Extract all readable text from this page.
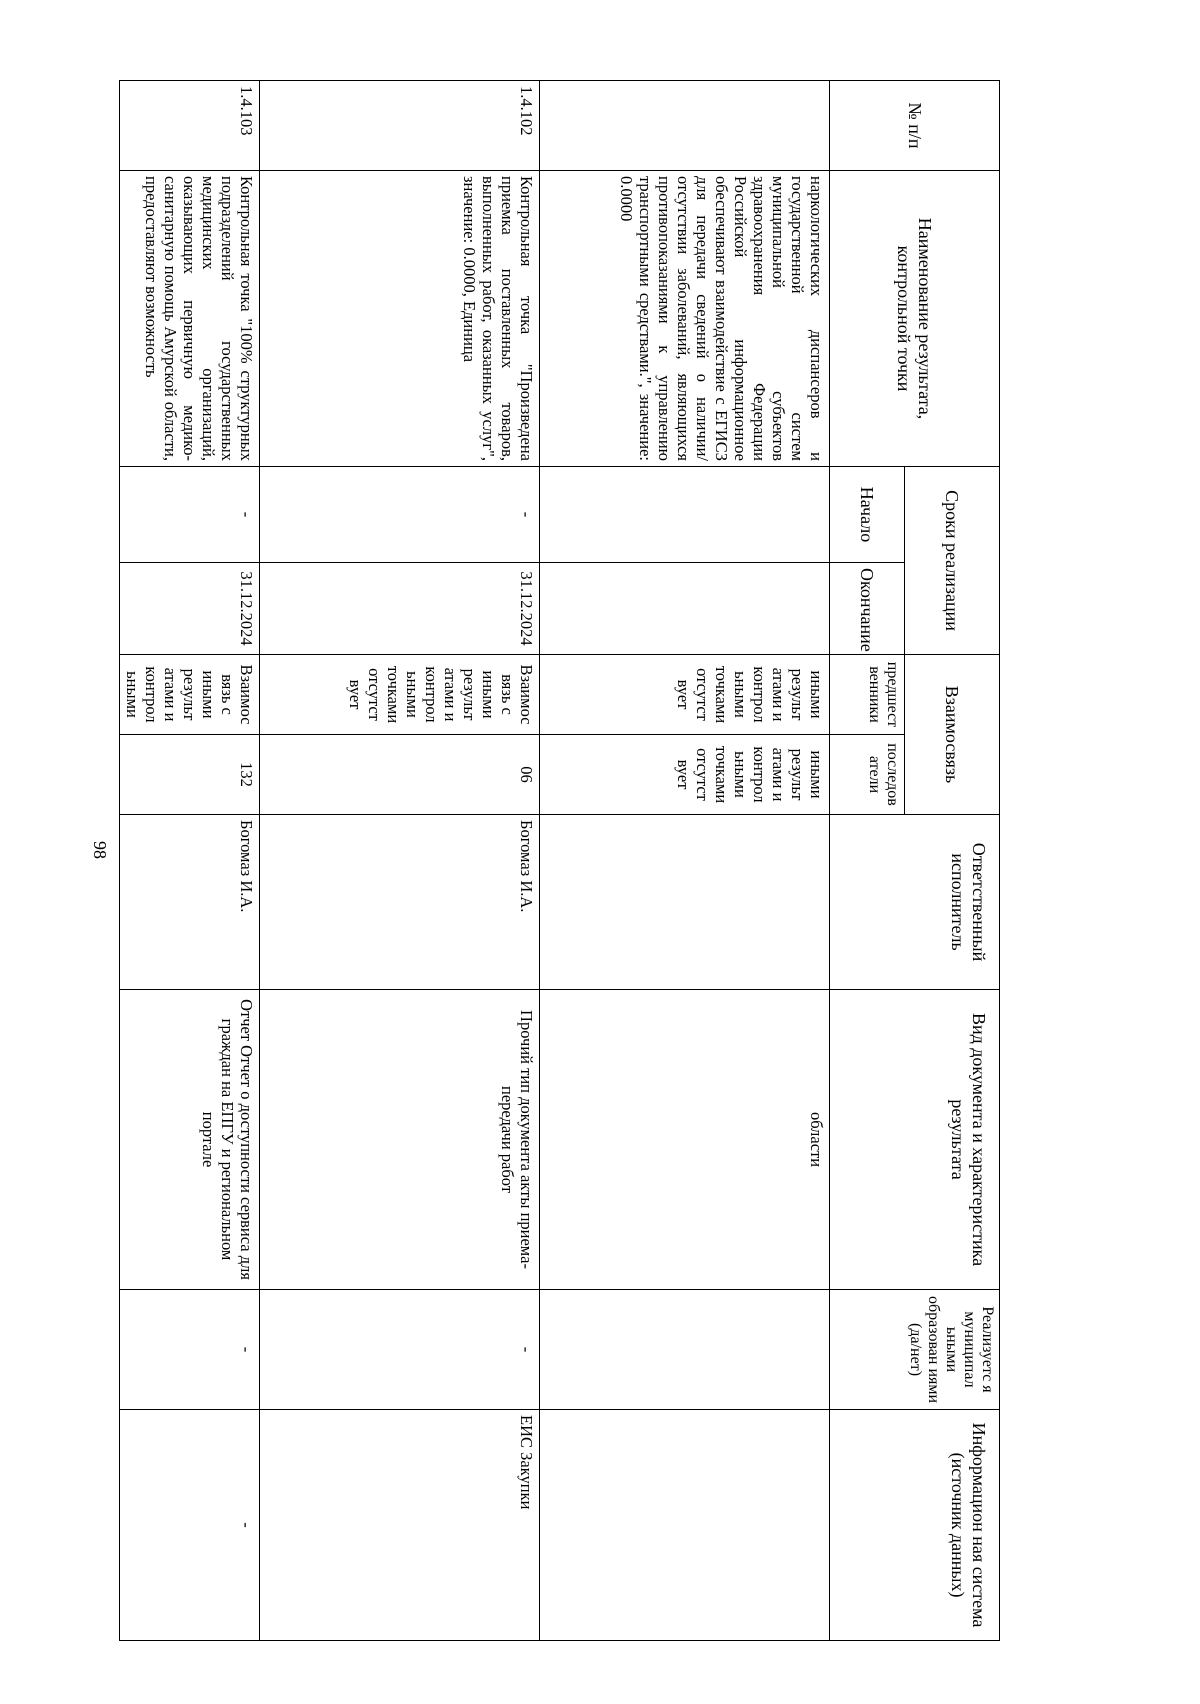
98
№ п/п	Наименование результата, контрольной точки	Сроки реализации		Взаимосвязь		Ответственный исполнитель	Вид документа и характеристика результата	Реализуетс я муниципал ьными образован иями (да/нет)	Информацион ная система (источник данных)
		Начало	Окончание	предшест венники	последов атели				
	наркологических диспансеров и государственной систем муниципальной субъектов здравоохранения Федерации Российской информационное обеспечивают взаимодействие с ЕГИСЗ для передачи сведений о наличии/отсутствии заболеваний, являющихся противопоказаниями к управлению транспортными средствами.", значение: 0.0000			иными результ атами и контрол ьными точками отсутст вует	иными результ атами и контрол ьными точками отсутст вует		области		
1.4.102	Контрольная точка "Произведена приемка поставленных товаров, выполненных работ, оказанных услуг", значение: 0.0000, Единица	-	31.12.2024	Взаимос вязь с иными результ атами и контрол ьными точками отсутст вует	06	Богомаз И.А.	Прочий тип документа акты приема-передачи работ	-	ЕИС Закупки
1.4.103	Контрольная точка "100% структурных подразделений государственных медицинских организаций, оказывающих первичную медико-санитарную помощь Амурской области, предоставляют возможность	-	31.12.2024	Взаимос вязь с иными результ атами и контрол ьными	132	Богомаз И.А.	Отчет Отчет о доступности сервиса для граждан на ЕПГУ и региональном портале	-	-
